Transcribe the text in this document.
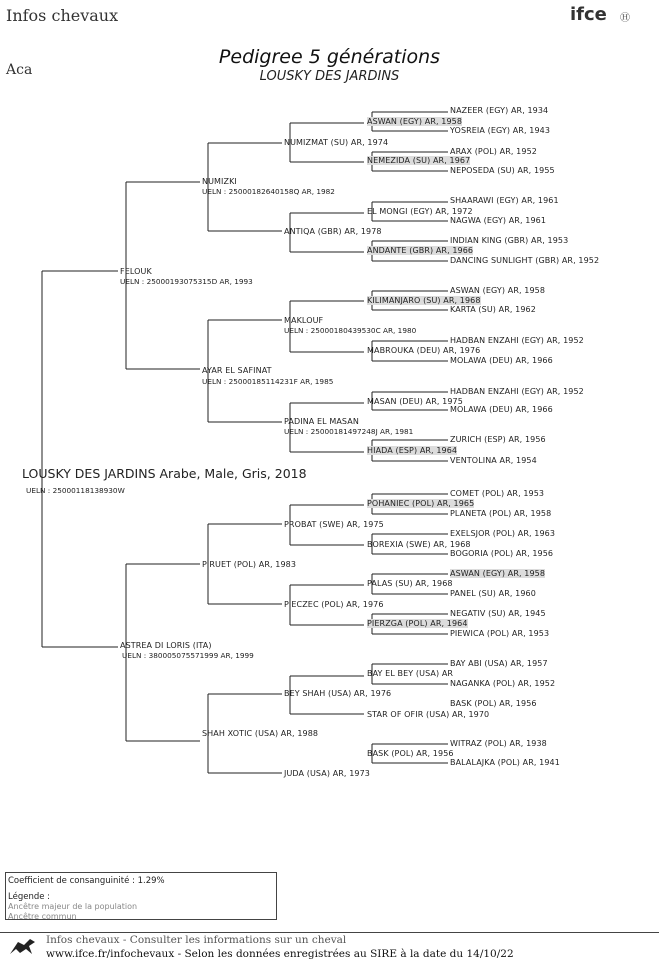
Infos chevaux	ifce Ⓗ
Aca
Pedigree 5 générations
LOUSKY DES JARDINS
LOUSKY DES JARDINS Arabe, Male, Gris, 2018
UELN : 25000118138930W
FELOUK
UELN : 25000193075315D AR, 1993
ASTREA DI LORIS (ITA)
UELN : 380005075571999 AR, 1999
NUMIZKI
UELN : 25000182640158Q AR, 1982
AYAR EL SAFINAT
UELN : 25000185114231F AR, 1985
PIRUET (POL) AR, 1983
SHAH XOTIC (USA) AR, 1988
NUMIZMAT (SU) AR, 1974
ANTIQA (GBR) AR, 1978
MAKLOUF
UELN : 25000180439530C AR, 1980
PADINA EL MASAN
UELN : 25000181497248J AR, 1981
PROBAT (SWE) AR, 1975
PIECZEC (POL) AR, 1976
BEY SHAH (USA) AR, 1976
JUDA (USA) AR, 1973
ASWAN (EGY) AR, 1958
NEMEZIDA (SU) AR, 1967
EL MONGI (EGY) AR, 1972
ANDANTE (GBR) AR, 1966
KILIMANJARO (SU) AR, 1968
MABROUKA (DEU) AR, 1976
MASAN (DEU) AR, 1975
HIADA (ESP) AR, 1964
POHANIEC (POL) AR, 1965
BOREXIA (SWE) AR, 1968
PALAS (SU) AR, 1968
PIERZGA (POL) AR, 1964
BAY EL BEY (USA) AR
STAR OF OFIR (USA) AR, 1970
BASK (POL) AR, 1956
NAZEER (EGY) AR, 1934
YOSREIA (EGY) AR, 1943
ARAX (POL) AR, 1952
NEPOSEDA (SU) AR, 1955
SHAARAWI (EGY) AR, 1961
NAGWA (EGY) AR, 1961
INDIAN KING (GBR) AR, 1953
DANCING SUNLIGHT (GBR) AR, 1952
ASWAN (EGY) AR, 1958
KARTA (SU) AR, 1962
HADBAN ENZAHI (EGY) AR, 1952
MOLAWA (DEU) AR, 1966
HADBAN ENZAHI (EGY) AR, 1952
MOLAWA (DEU) AR, 1966
ZURICH (ESP) AR, 1956
VENTOLINA AR, 1954
COMET (POL) AR, 1953
PLANETA (POL) AR, 1958
EXELSJOR (POL) AR, 1963
BOGORIA (POL) AR, 1956
ASWAN (EGY) AR, 1958
PANEL (SU) AR, 1960
NEGATIV (SU) AR, 1945
PIEWICA (POL) AR, 1953
BAY ABI (USA) AR, 1957
NAGANKA (POL) AR, 1952
BASK (POL) AR, 1956
WITRAZ (POL) AR, 1938
BALALAJKA (POL) AR, 1941
Coefficient de consanguinité : 1.29%
Légende :
Ancêtre majeur de la population
Ancêtre commun
Infos chevaux - Consulter les informations sur un cheval
www.ifce.fr/infochevaux - Selon les données enregistrées au SIRE à la date du 14/10/22
